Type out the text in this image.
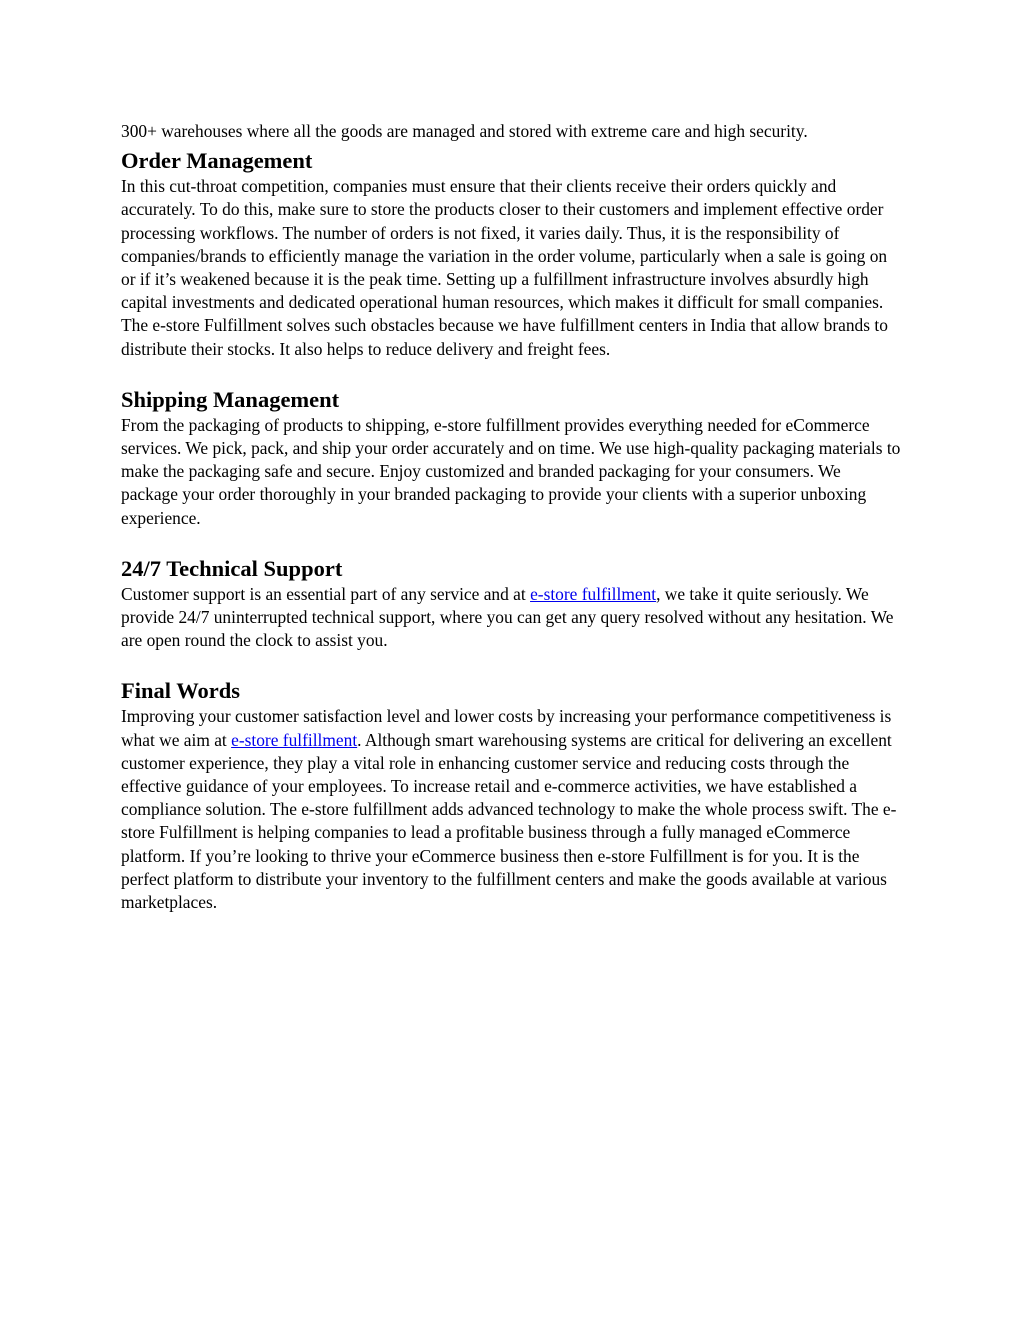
300+ warehouses where all the goods are managed and stored with extreme care and high security.

Order Management

In this cut-throat competition, companies must ensure that their clients receive their orders quickly and accurately. To do this, make sure to store the products closer to their customers and implement effective order processing workflows. The number of orders is not fixed, it varies daily. Thus, it is the responsibility of companies/brands to efficiently manage the variation in the order volume, particularly when a sale is going on or if it’s weakened because it is the peak time. Setting up a fulfillment infrastructure involves absurdly high capital investments and dedicated operational human resources, which makes it difficult for small companies. The e-store Fulfillment solves such obstacles because we have fulfillment centers in India that allow brands to distribute their stocks. It also helps to reduce delivery and freight fees.

Shipping Management

From the packaging of products to shipping, e-store fulfillment provides everything needed for eCommerce services. We pick, pack, and ship your order accurately and on time. We use high-quality packaging materials to make the packaging safe and secure. Enjoy customized and branded packaging for your consumers. We package your order thoroughly in your branded packaging to provide your clients with a superior unboxing experience.

24/7 Technical Support

Customer support is an essential part of any service and at e-store fulfillment, we take it quite seriously. We provide 24/7 uninterrupted technical support, where you can get any query resolved without any hesitation. We are open round the clock to assist you.

Final Words

Improving your customer satisfaction level and lower costs by increasing your performance competitiveness is what we aim at e-store fulfillment. Although smart warehousing systems are critical for delivering an excellent customer experience, they play a vital role in enhancing customer service and reducing costs through the effective guidance of your employees. To increase retail and e-commerce activities, we have established a compliance solution. The e-store fulfillment adds advanced technology to make the whole process swift. The e-store Fulfillment is helping companies to lead a profitable business through a fully managed eCommerce platform. If you’re looking to thrive your eCommerce business then e-store Fulfillment is for you. It is the perfect platform to distribute your inventory to the fulfillment centers and make the goods available at various marketplaces.
